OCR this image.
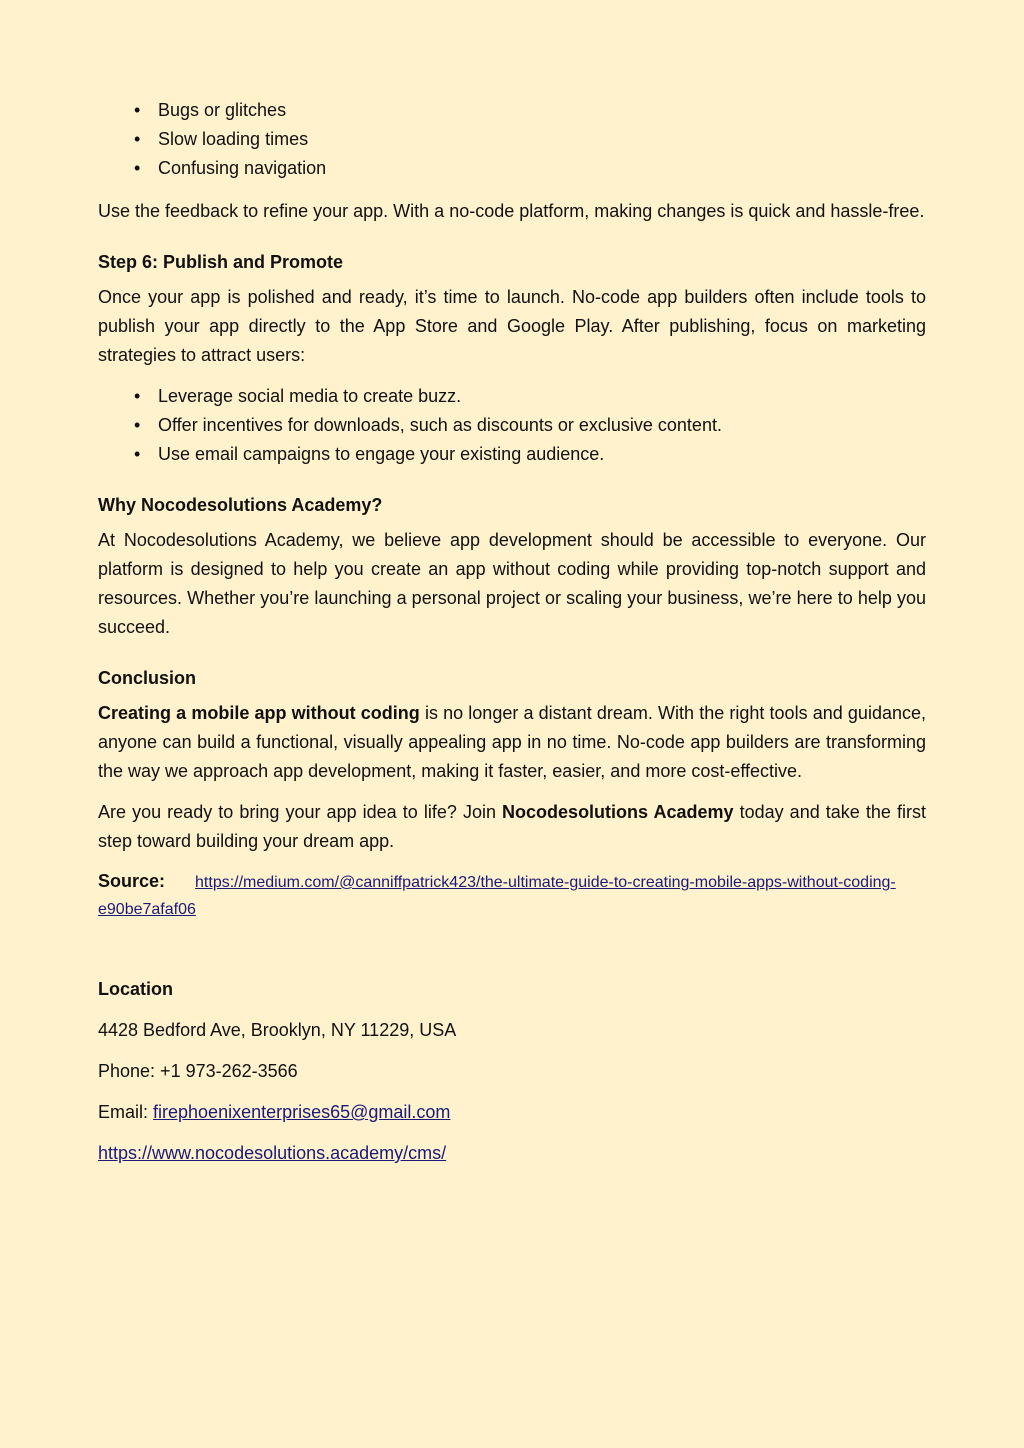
• Bugs or glitches
• Slow loading times
• Confusing navigation

Use the feedback to refine your app. With a no-code platform, making changes is quick and hassle-free.

Step 6: Publish and Promote

Once your app is polished and ready, it’s time to launch. No-code app builders often include tools to publish your app directly to the App Store and Google Play. After publishing, focus on marketing strategies to attract users:

• Leverage social media to create buzz.
• Offer incentives for downloads, such as discounts or exclusive content.
• Use email campaigns to engage your existing audience.
Why Nocodesolutions Academy?

At Nocodesolutions Academy, we believe app development should be accessible to everyone. Our platform is designed to help you create an app without coding while providing top-notch support and resources. Whether you’re launching a personal project or scaling your business, we’re here to help you succeed.

Conclusion

Creating a mobile app without coding is no longer a distant dream. With the right tools and guidance, anyone can build a functional, visually appealing app in no time. No-code app builders are transforming the way we approach app development, making it faster, easier, and more cost-effective.

Are you ready to bring your app idea to life? Join Nocodesolutions Academy today and take the first step toward building your dream app.

Source: https://medium.com/@canniffpatrick423/the-ultimate-guide-to-creating-mobile-apps-without-coding-e90be7afaf06

Location

4428 Bedford Ave, Brooklyn, NY 11229, USA

Phone: +1 973-262-3566

Email: firephoenixenterprises65@gmail.com

https://www.nocodesolutions.academy/cms/
